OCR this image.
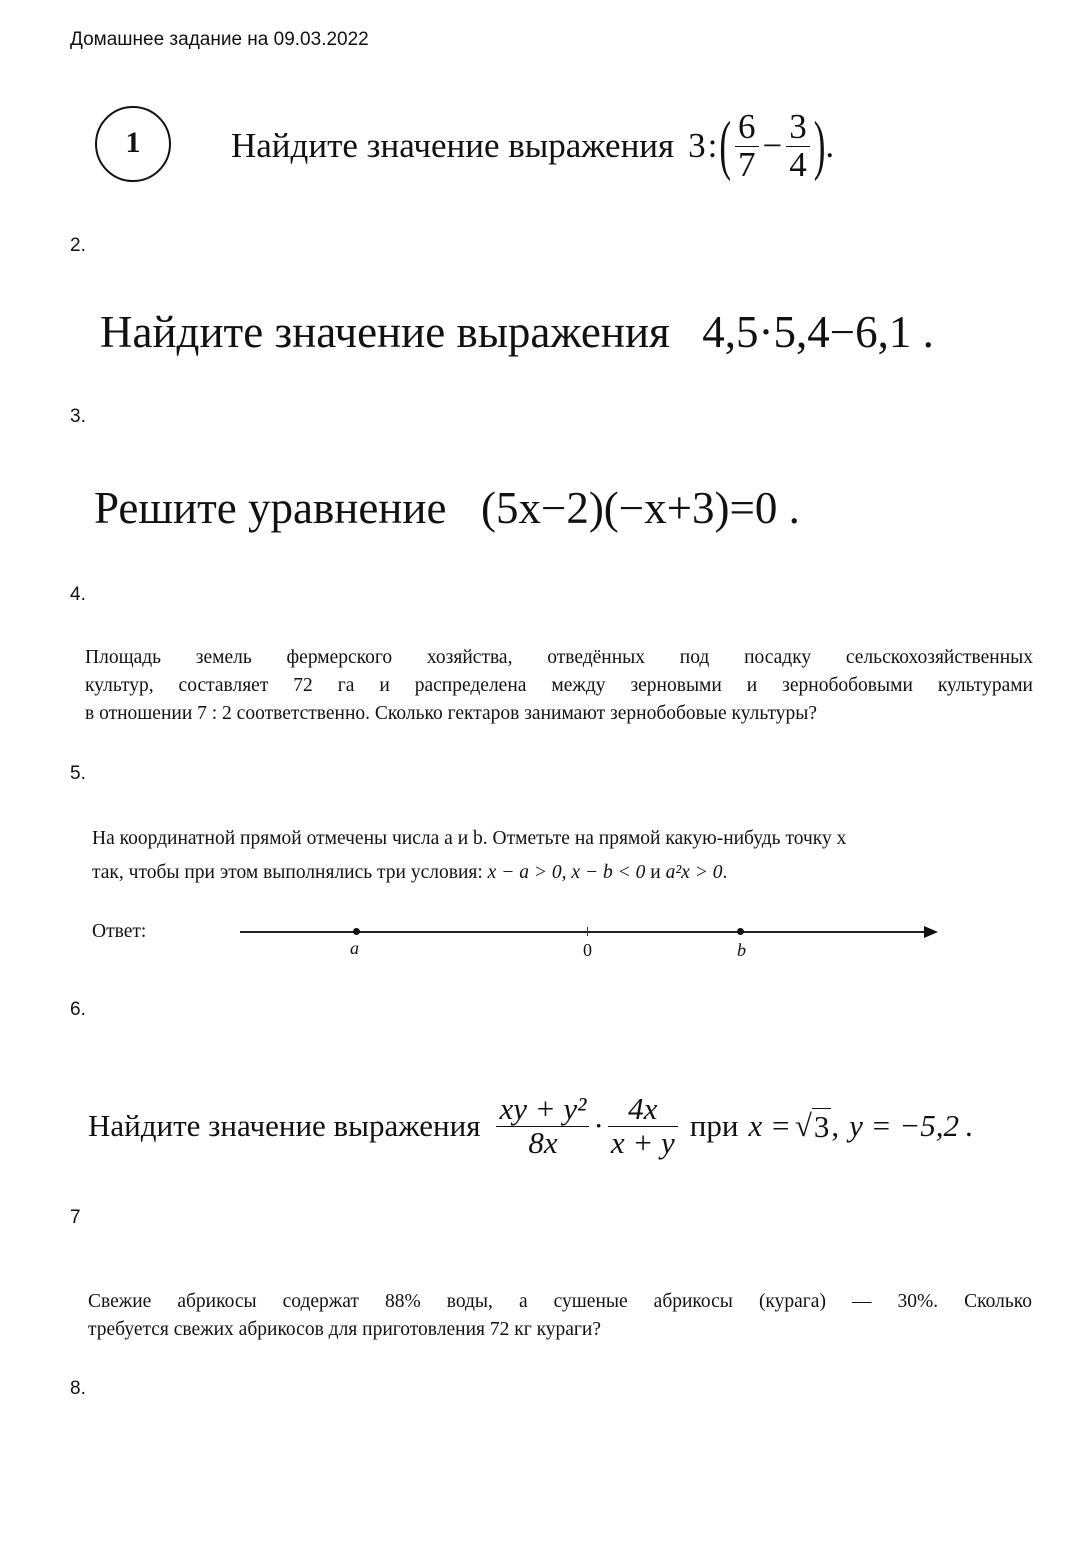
Домашнее задание на 09.03.2022
1	Найдите значение выражения 3 : ( $\frac{6}{7} - \frac{3}{4}$ ) .
2.
Найдите значение выражения 4,5·5,4−6,1 .
3.
Решите уравнение (5x−2)(−x+3)=0 .
4.
Площадь земель фермерского хозяйства, отведённых под посадку сельскохозяйственных
культур, составляет 72 га и распределена между зерновыми и зернобобовыми культурами
в отношении 7 : 2 соответственно. Сколько гектаров занимают зернобобовые культуры?
5.
На координатной прямой отмечены числа a и b. Отметьте на прямой какую-нибудь точку x
так, чтобы при этом выполнялись три условия: x − a > 0, x − b < 0 и a²x > 0.
Ответ:
a	0	b
6.
Найдите значение выражения $\frac{\text{xy + y²}}{8x} \cdot \frac{4x}{x + y}$ при x = √ 3 , y = −5,2 .
7
Свежие абрикосы содержат 88% воды, а сушеные абрикосы (курага) — 30%. Сколько
требуется свежих абрикосов для приготовления 72 кг кураги?
8.
